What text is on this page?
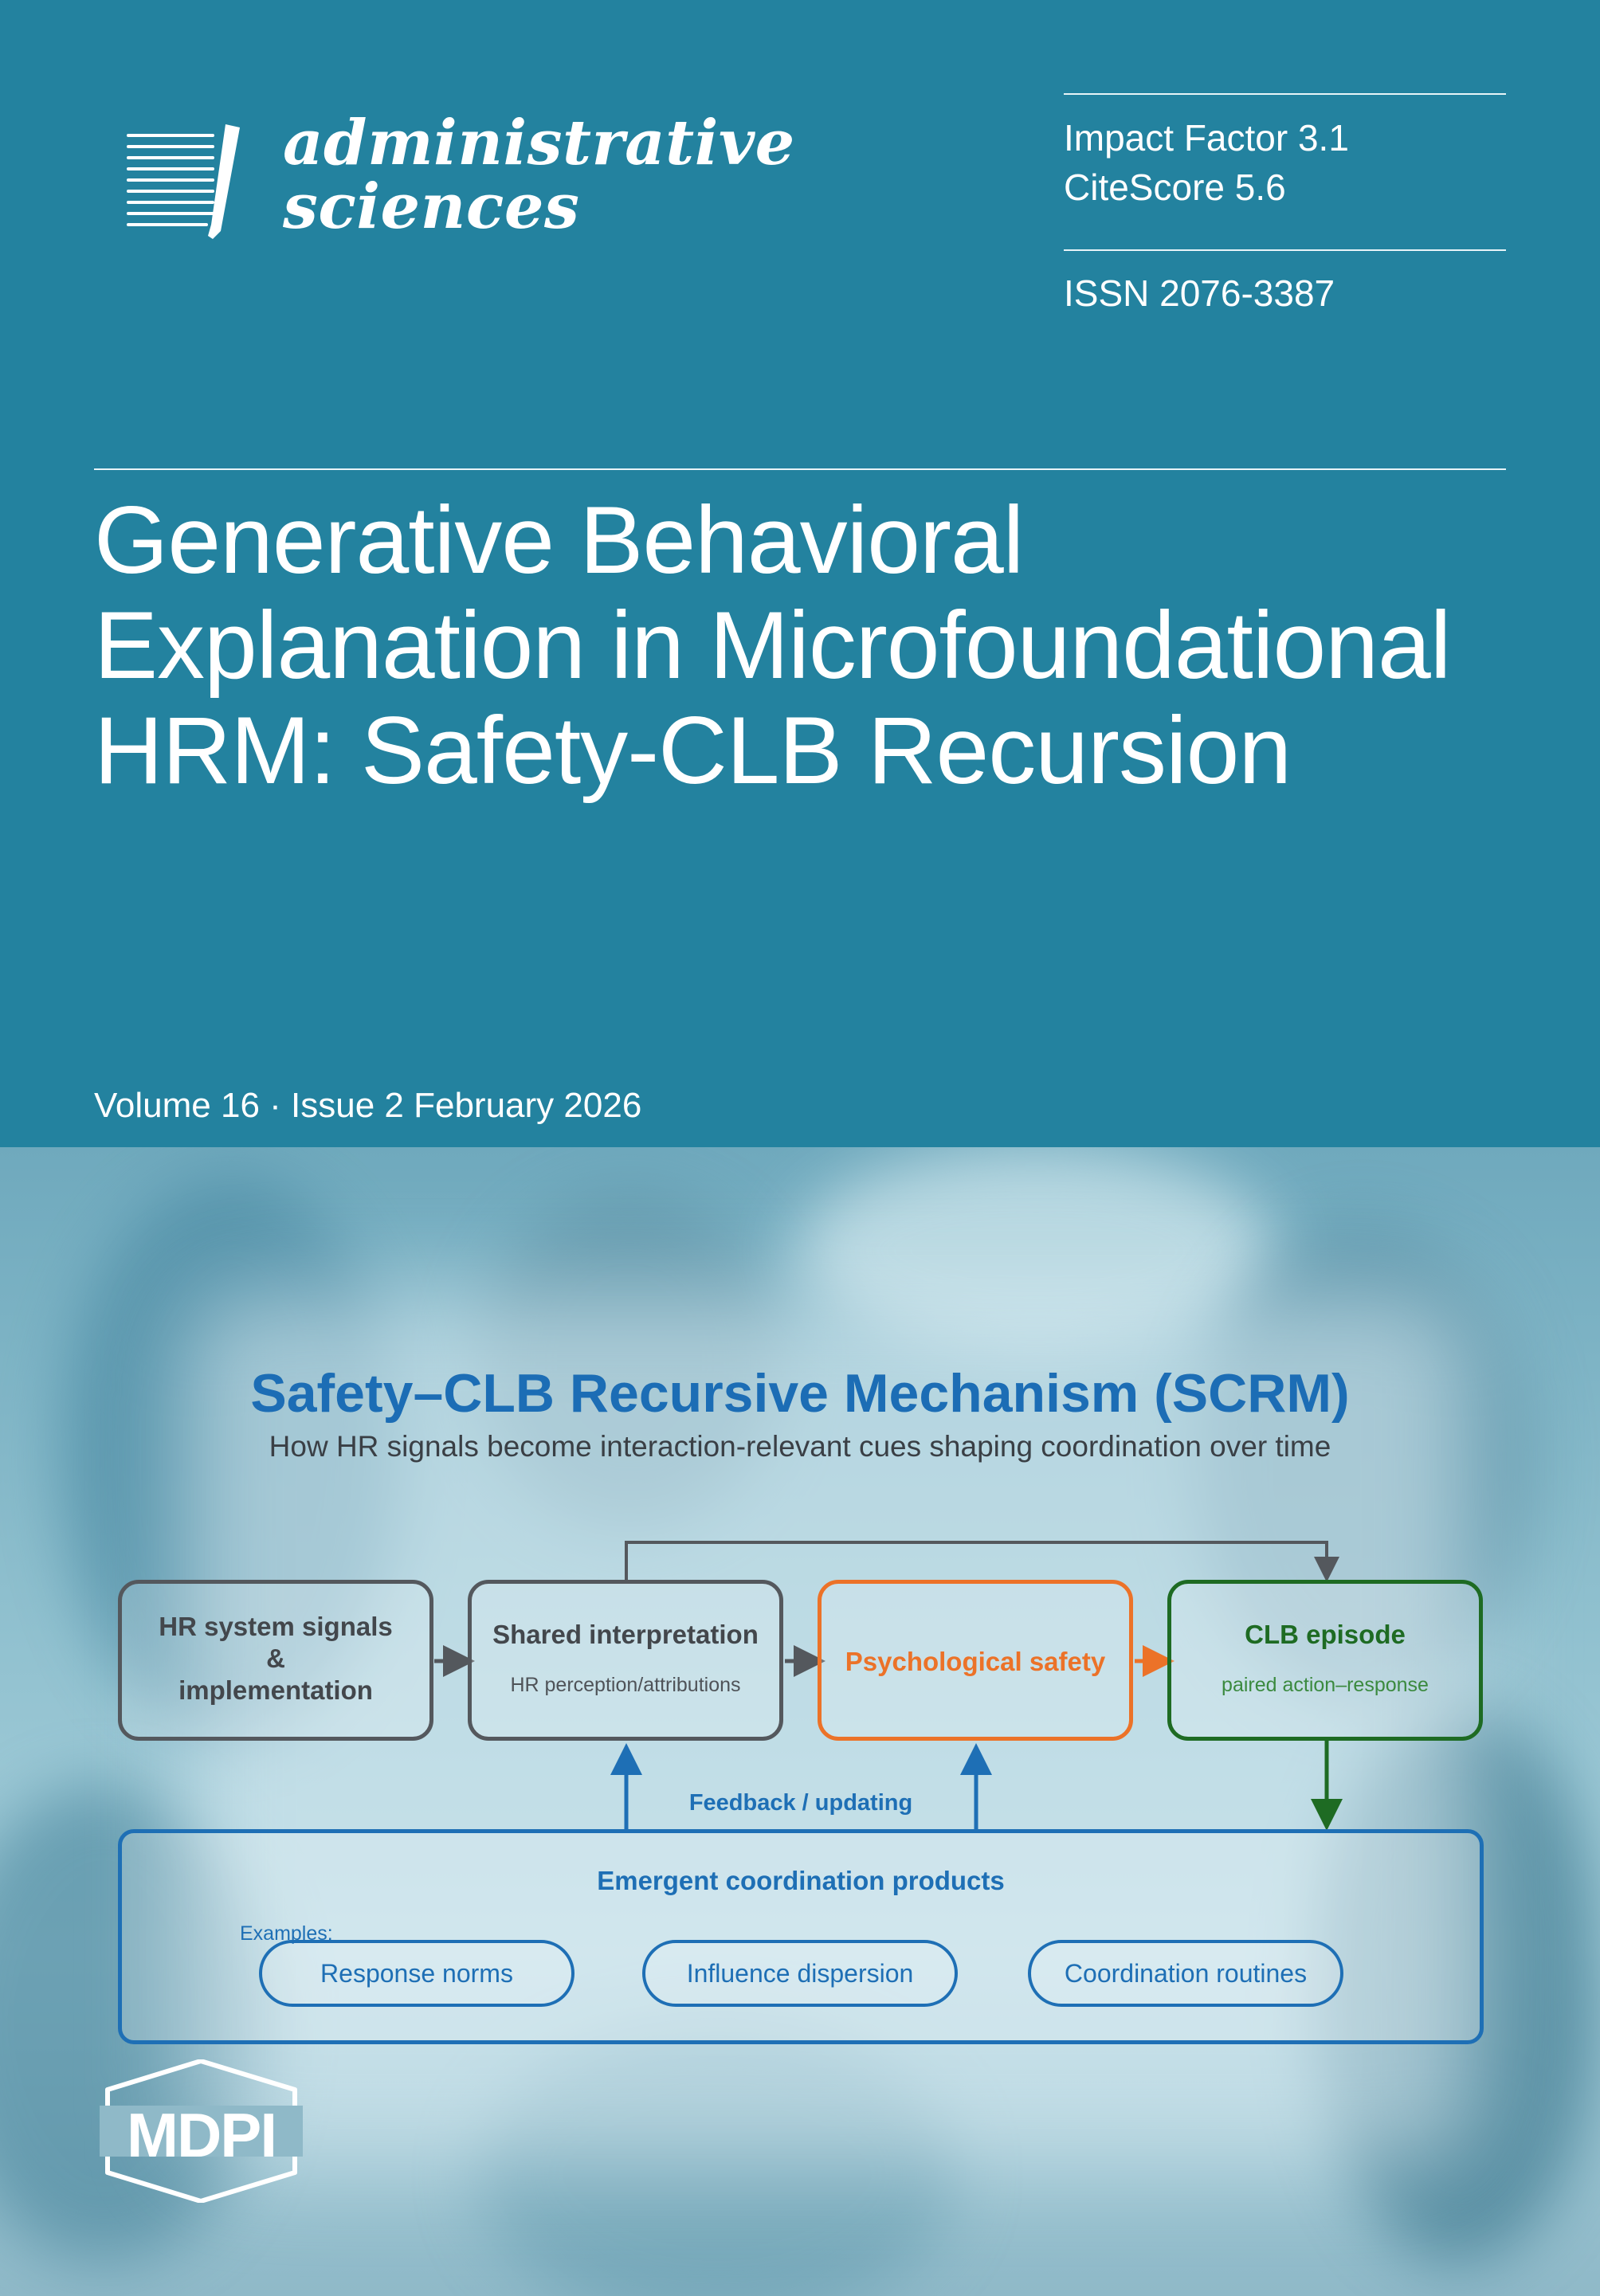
administrative
sciences
Impact Factor 3.1
CiteScore 5.6
ISSN 2076-3387
Generative Behavioral
Explanation in Microfoundational
HRM: Safety-CLB Recursion
Volume 16 · Issue 2 February 2026
Safety–CLB Recursive Mechanism (SCRM)
How HR signals become interaction-relevant cues shaping coordination over time
Feedback / updating
HR system signals
&
implementation
Shared interpretation
HR perception/attributions
Psychological safety
CLB episode
paired action–response
Emergent coordination products
Examples:
Response norms	Influence dispersion	Coordination routines
MDPI
